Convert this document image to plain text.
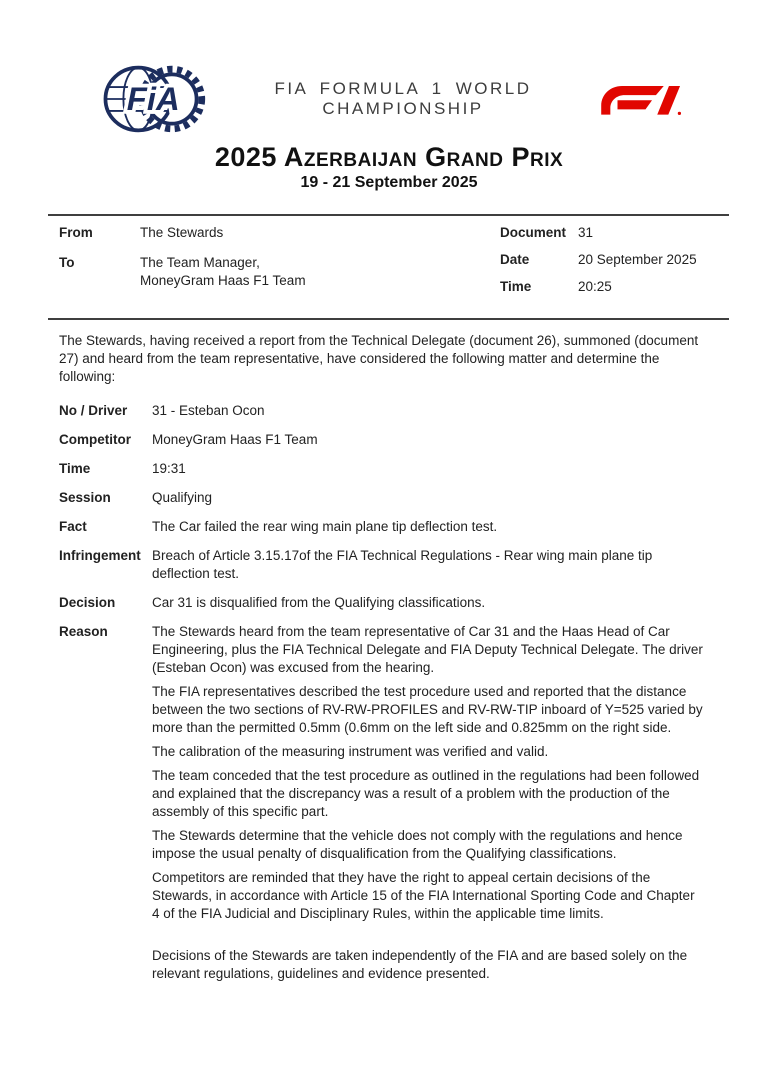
FiA	FIA FORMULA 1 WORLD CHAMPIONSHIP
2025 Azerbaijan Grand Prix
19 - 21 September 2025
From	The Stewards
To	The Team Manager,
MoneyGram Haas F1 Team
Document 31
Date	20 September 2025
Time	20:25

The Stewards, having received a report from the Technical Delegate (document 26), summoned (document 27) and heard from the team representative, have considered the following matter and determine the following:

No / Driver	31 - Esteban Ocon
Competitor	MoneyGram Haas F1 Team
Time	19:31
Session	Qualifying
Fact	The Car failed the rear wing main plane tip deflection test.
Infringement Breach of Article 3.15.17of the FIA Technical Regulations - Rear wing main plane tip deflection test.
Decision	Car 31 is disqualified from the Qualifying classifications.
Reason	The Stewards heard from the team representative of Car 31 and the Haas Head of Car Engineering, plus the FIA Technical Delegate and FIA Deputy Technical Delegate. The driver (Esteban Ocon) was excused from the hearing.

The FIA representatives described the test procedure used and reported that the distance between the two sections of RV-RW-PROFILES and RV-RW-TIP inboard of Y=525 varied by more than the permitted 0.5mm (0.6mm on the left side and 0.825mm on the right side.

The calibration of the measuring instrument was verified and valid.

The team conceded that the test procedure as outlined in the regulations had been followed and explained that the discrepancy was a result of a problem with the production of the assembly of this specific part.

The Stewards determine that the vehicle does not comply with the regulations and hence impose the usual penalty of disqualification from the Qualifying classifications.

Competitors are reminded that they have the right to appeal certain decisions of the Stewards, in accordance with Article 15 of the FIA International Sporting Code and Chapter 4 of the FIA Judicial and Disciplinary Rules, within the applicable time limits.

Decisions of the Stewards are taken independently of the FIA and are based solely on the relevant regulations, guidelines and evidence presented.
